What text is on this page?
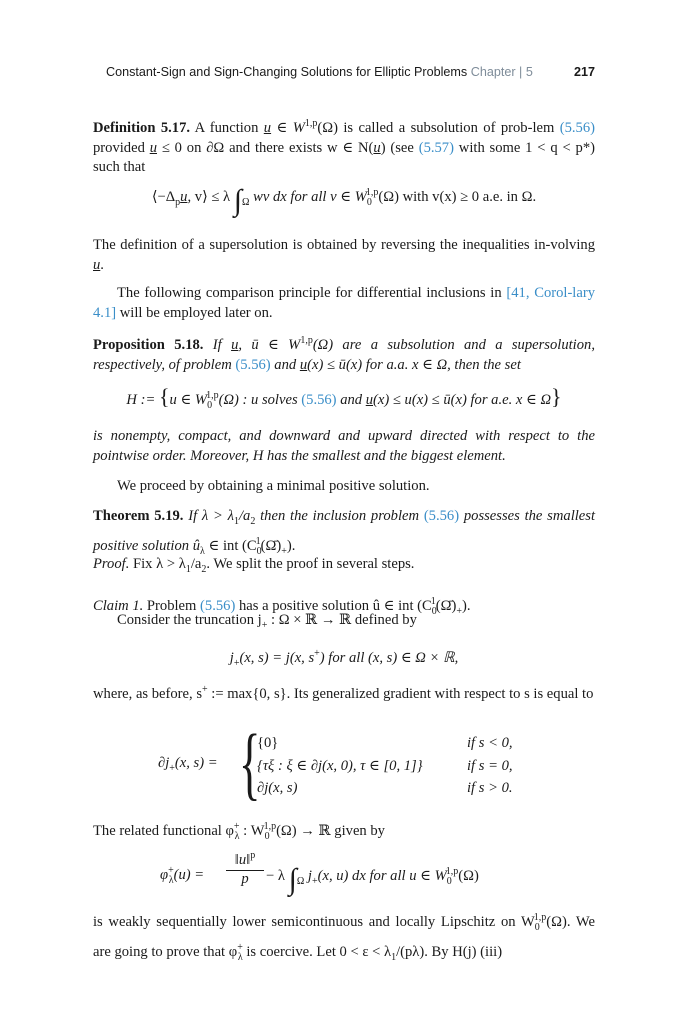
Constant-Sign and Sign-Changing Solutions for Elliptic Problems Chapter | 5	217
Definition 5.17. A function u ∈ W$^{1,p}$(Ω) is called a subsolution of prob-lem (5.56) provided u ≤ 0 on ∂Ω and there exists w ∈ N(u) (see (5.57) with some 1 < q < p*) such that
$⟨-\Delta_pu$, v⟩ ≤ λ $\int_\Omega$ wv dx for all v ∈ $W_0^{1,p}(\Omega)$ with v(x) ≥ 0 a.e. in Ω.
The definition of a supersolution is obtained by reversing the inequalities in-volving u.
The following comparison principle for differential inclusions in [41, Corol-lary 4.1] will be employed later on.
Proposition 5.18. If u, ū ∈ W$^{1,p}$(Ω) are a subsolution and a supersolution, respectively, of problem (5.56) and u(x) ≤ ū(x) for a.a. x ∈ Ω, then the set
H := {u ∈ $W_0^{1,p}(\Omega)$ : u solves (5.56) and u(x) ≤ u(x) ≤ ū(x) for a.e. x ∈ Ω}
is nonempty, compact, and downward and upward directed with respect to the pointwise order. Moreover, H has the smallest and the biggest element.
We proceed by obtaining a minimal positive solution.
Theorem 5.19. If $\lambda > \lambda_1/a_2$ then the inclusion problem (5.56) possesses the smallest positive solution $û_\lambda$ ∈ int $(C_0^1(\Omegā)_+)$.
Proof. Fix $\lambda > \lambda_1/a_2$. We split the proof in several steps.
Claim 1. Problem (5.56) has a positive solution û ∈ int $(C_0^1(\Omegā)_+)$.
Consider the truncation $j_+$ : Ω × ℝ → ℝ defined by
$j_+(x$, s) = j(x, s+) for all (x, s) ∈ Ω × ℝ,
where, as before, s+ := max{0, s}. Its generalized gradient with respect to s is equal to
$\partial j_+(x$, s) = {
{0}
{τξ : ξ ∈ ∂j(x, 0), τ ∈ [0, 1]}
∂j(x, s)
if s < 0,
if s = 0,
if s > 0.
The related functional $\varphi^+_\lambda$ : $W_0^{1,p}(\Omega)$ → ℝ given by
$\varphi^+_\lambda(u)$ =
‖u‖$^p$
p	− λ $\int_\Omega$ $j_+(x$, u) dx for all u ∈ $W_0^{1,p}(\Omega)$
is weakly sequentially lower semicontinuous and locally Lipschitz on $W_0^{1,p}(\Omega)$. We are going to prove that $\varphi^+_\lambda$ is coercive. Let $0 < \varepsilon < \lambda_1/(p\lambda)$. By H(j) (iii)
